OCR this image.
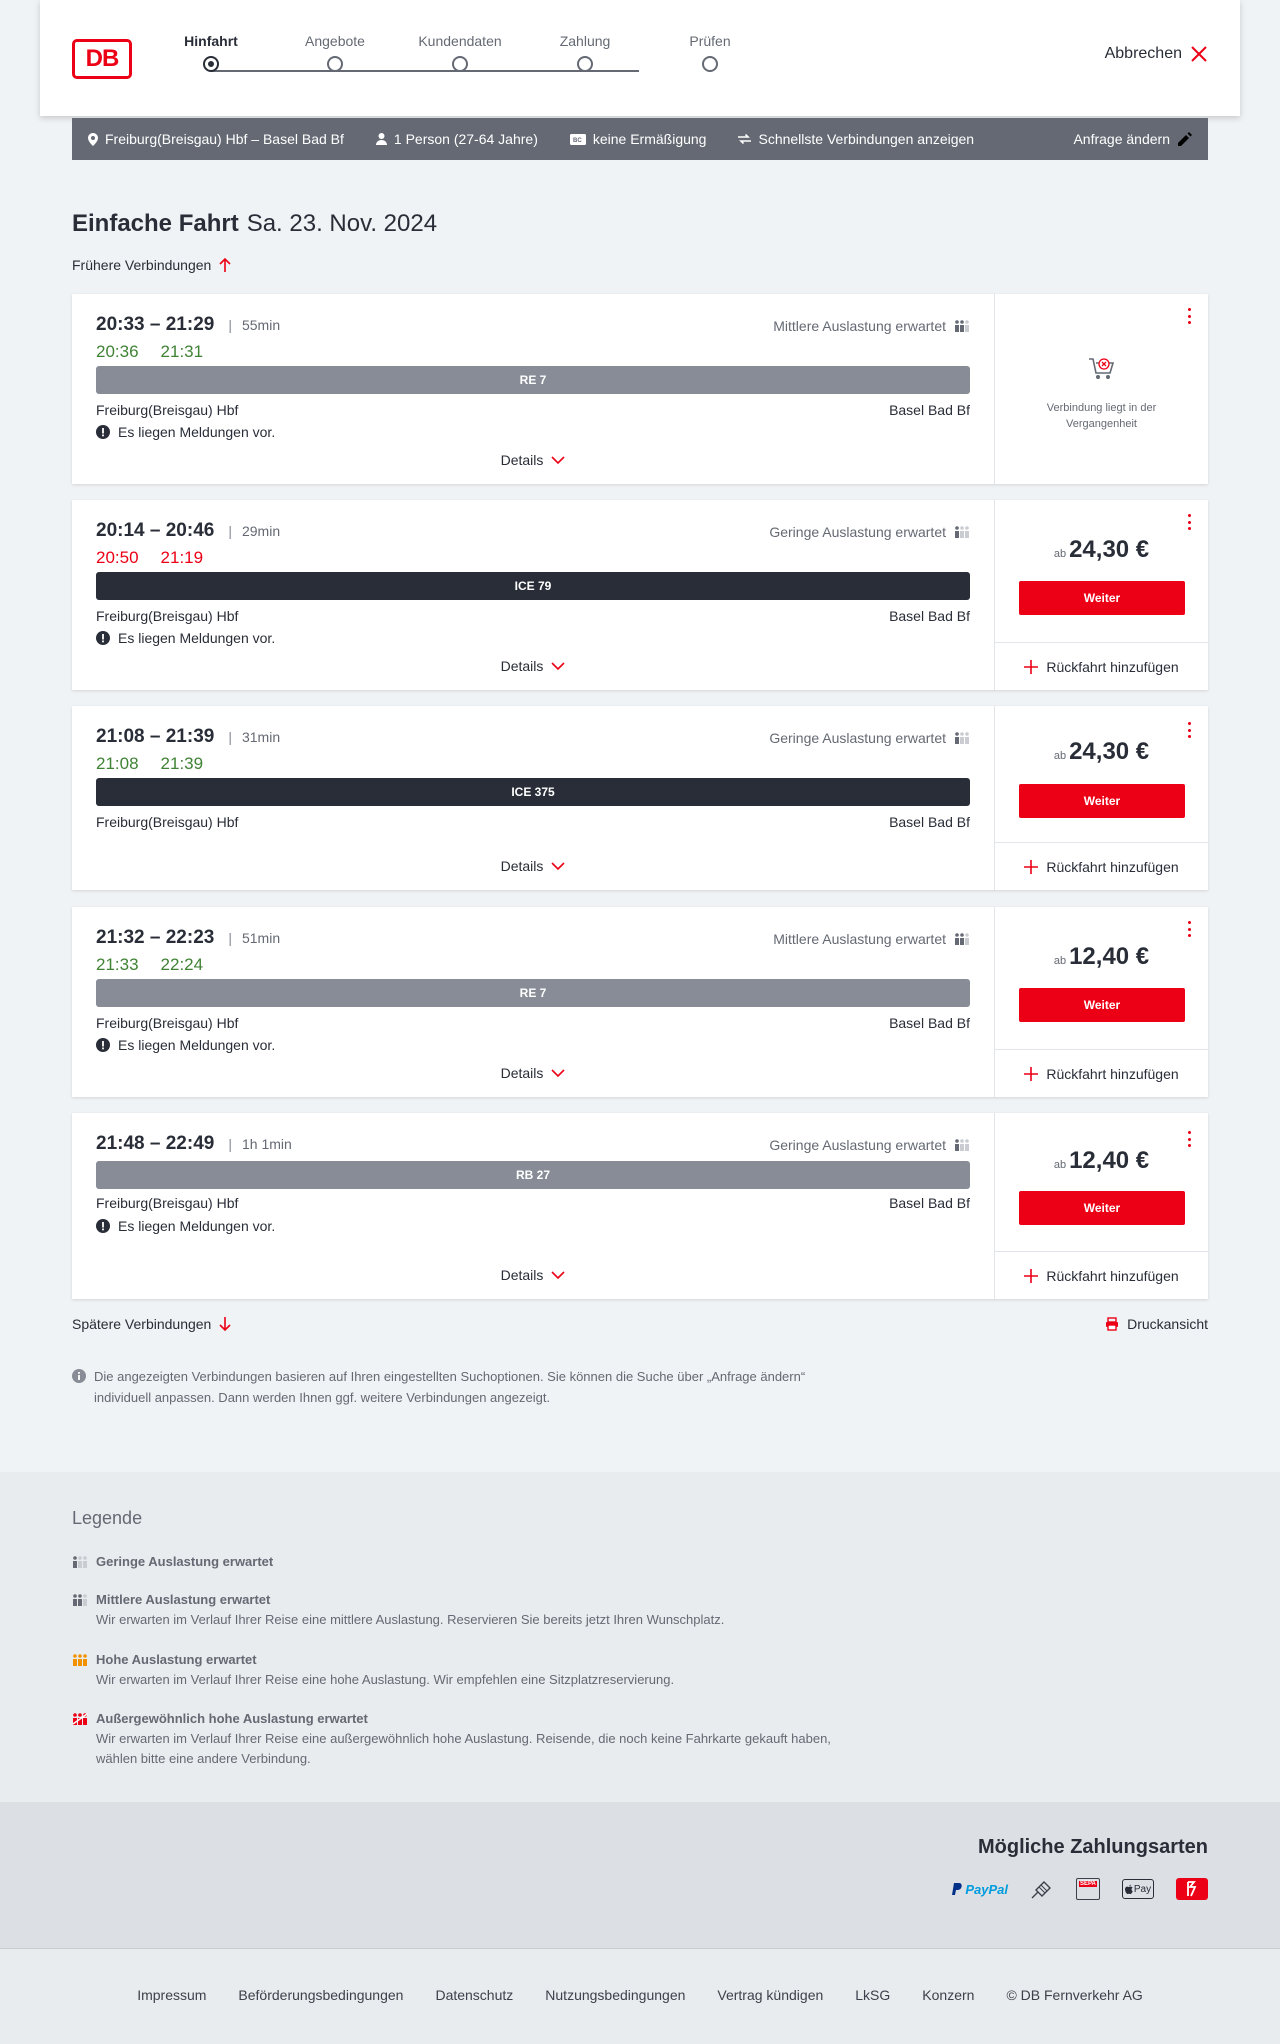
DB
Hinfahrt	Angebote	Kundendaten	Zahlung	Prüfen
Abbrechen
Freiburg(Breisgau) Hbf – Basel Bad Bf	1 Person (27-64 Jahre)	BC keine Ermäßigung	Schnellste Verbindungen anzeigen	Anfrage ändern
Einfache Fahrt Sa. 23. Nov. 2024
Frühere Verbindungen
20:33 – 21:29 | 55min
20:36 21:31
Mittlere Auslastung erwartet
RE 7
Freiburg(Breisgau) Hbf	Basel Bad Bf
Es liegen Meldungen vor.
Details
Verbindung liegt in der Vergangenheit
20:14 – 20:46 | 29min
20:50 21:19
Geringe Auslastung erwartet
ICE 79
Freiburg(Breisgau) Hbf	Basel Bad Bf
Es liegen Meldungen vor.
Details
ab 24,30 €
Weiter
Rückfahrt hinzufügen
21:08 – 21:39 | 31min
21:08 21:39
Geringe Auslastung erwartet
ICE 375
Freiburg(Breisgau) Hbf	Basel Bad Bf
Details
ab 24,30 €
Weiter
Rückfahrt hinzufügen
21:32 – 22:23 | 51min
21:33 22:24
Mittlere Auslastung erwartet
RE 7
Freiburg(Breisgau) Hbf	Basel Bad Bf
Es liegen Meldungen vor.
Details
ab 12,40 €
Weiter
Rückfahrt hinzufügen
21:48 – 22:49 | 1h 1min	Geringe Auslastung erwartet
RB 27
Freiburg(Breisgau) Hbf	Basel Bad Bf
Es liegen Meldungen vor.
Details
ab 12,40 €
Weiter
Rückfahrt hinzufügen
Spätere Verbindungen	Druckansicht
Die angezeigten Verbindungen basieren auf Ihren eingestellten Suchoptionen. Sie können die Suche über „Anfrage ändern“ individuell anpassen. Dann werden Ihnen ggf. weitere Verbindungen angezeigt.
Legende
Geringe Auslastung erwartet
Mittlere Auslastung erwartet
Wir erwarten im Verlauf Ihrer Reise eine mittlere Auslastung. Reservieren Sie bereits jetzt Ihren Wunschplatz.
Hohe Auslastung erwartet
Wir erwarten im Verlauf Ihrer Reise eine hohe Auslastung. Wir empfehlen eine Sitzplatzreservierung.
Außergewöhnlich hohe Auslastung erwartet
Wir erwarten im Verlauf Ihrer Reise eine außergewöhnlich hohe Auslastung. Reisende, die noch keine Fahrkarte gekauft haben, wählen bitte eine andere Verbindung.
Mögliche Zahlungsarten
PayPal	SEPA	Pay
Impressum Beförderungsbedingungen Datenschutz Nutzungsbedingungen Vertrag kündigen LkSG Konzern © DB Fernverkehr AG
